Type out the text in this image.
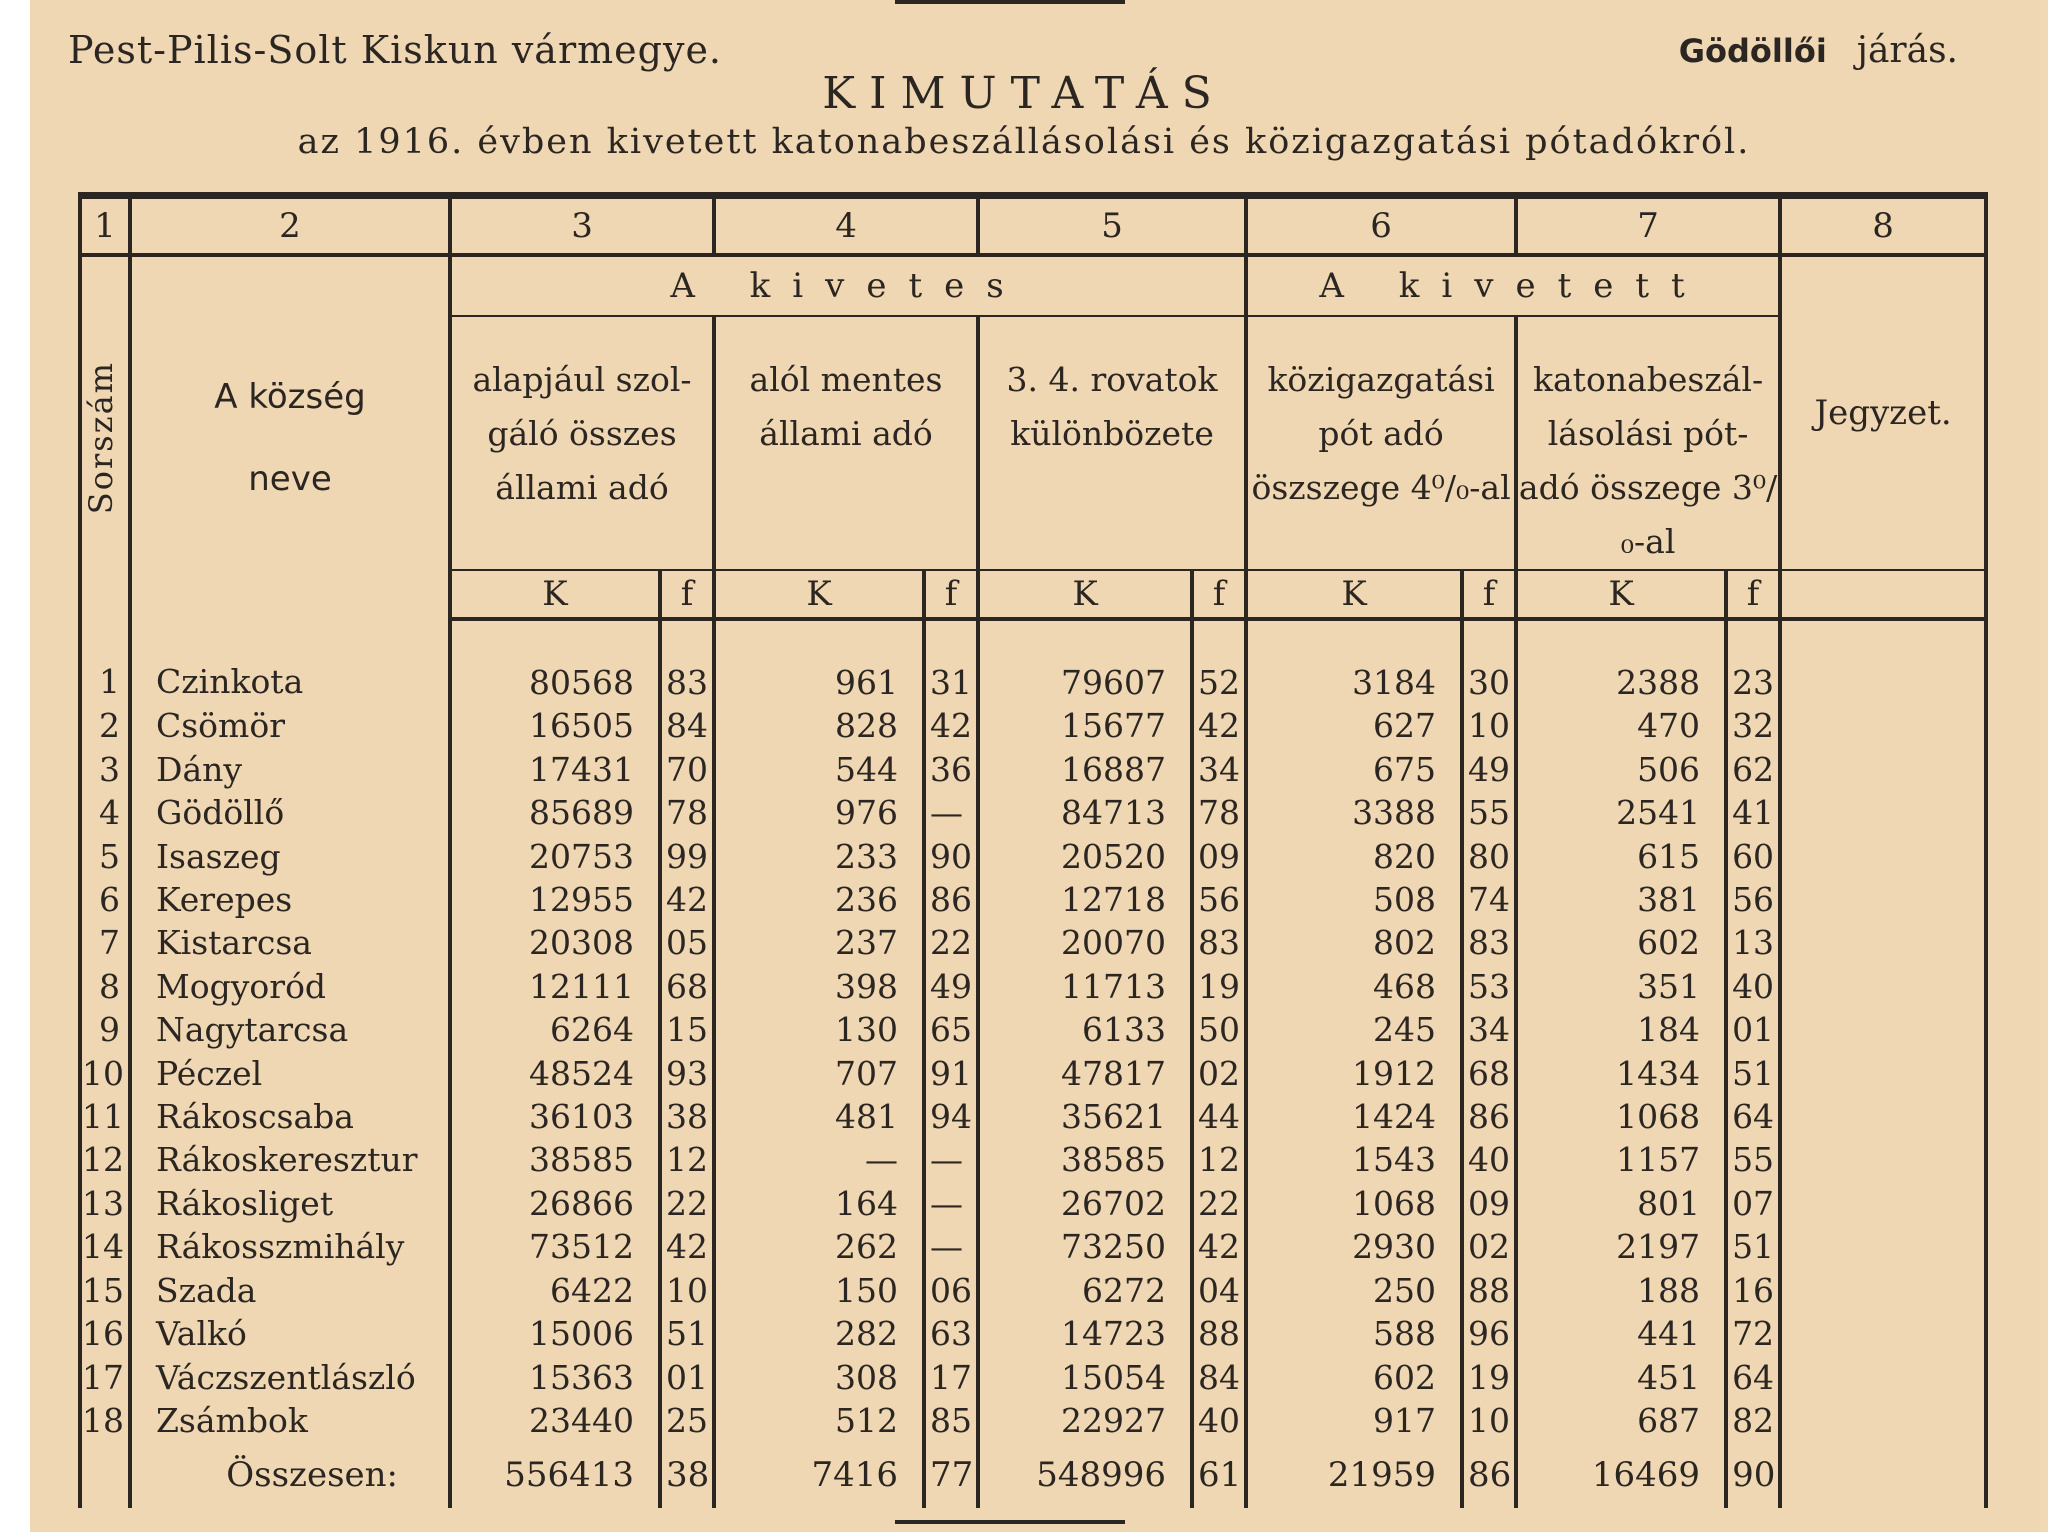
Pest-Pilis-Solt Kiskun vármegye.	Gödöllői járás.
KIMUTATÁS
az 1916. évben kivetett katonabeszállásolási és közigazgatási pótadókról.
1	2	3		4		5		6		7		8

Sorszám	A község
neve	A kivetes						A kivetett				Jegyzet.
		alapjául szol-gáló összes állami adó		alól mentes állami adó		3. 4. rovatok különbözete		közigazgatási pót adó öszszege 4⁰/₀-al		katonabeszál-lásolási pót-adó összege 3⁰/₀-al		
		K	f	K	f	K	f	K	f	K	f	
1	Czinkota	80568	83	961	31	79607	52	3184	30	2388	23	
2	Csömör	16505	84	828	42	15677	42	627	10	470	32	
3	Dány	17431	70	544	36	16887	34	675	49	506	62	
4	Gödöllő	85689	78	976	—	84713	78	3388	55	2541	41	
5	Isaszeg	20753	99	233	90	20520	09	820	80	615	60	
6	Kerepes	12955	42	236	86	12718	56	508	74	381	56	
7	Kistarcsa	20308	05	237	22	20070	83	802	83	602	13	
8	Mogyoród	12111	68	398	49	11713	19	468	53	351	40	
9	Nagytarcsa	6264	15	130	65	6133	50	245	34	184	01	
10	Péczel	48524	93	707	91	47817	02	1912	68	1434	51	
11	Rákoscsaba	36103	38	481	94	35621	44	1424	86	1068	64	
12	Rákoskeresztur	38585	12	—	—	38585	12	1543	40	1157	55	
13	Rákosliget	26866	22	164	—	26702	22	1068	09	801	07	
14	Rákosszmihály	73512	42	262	—	73250	42	2930	02	2197	51	
15	Szada	6422	10	150	06	6272	04	250	88	188	16	
16	Valkó	15006	51	282	63	14723	88	588	96	441	72	
17	Váczszentlászló	15363	01	308	17	15054	84	602	19	451	64	
18	Zsámbok	23440	25	512	85	22927	40	917	10	687	82	
	Összesen:	556413	38	7416	77	548996	61	21959	86	16469	90	
